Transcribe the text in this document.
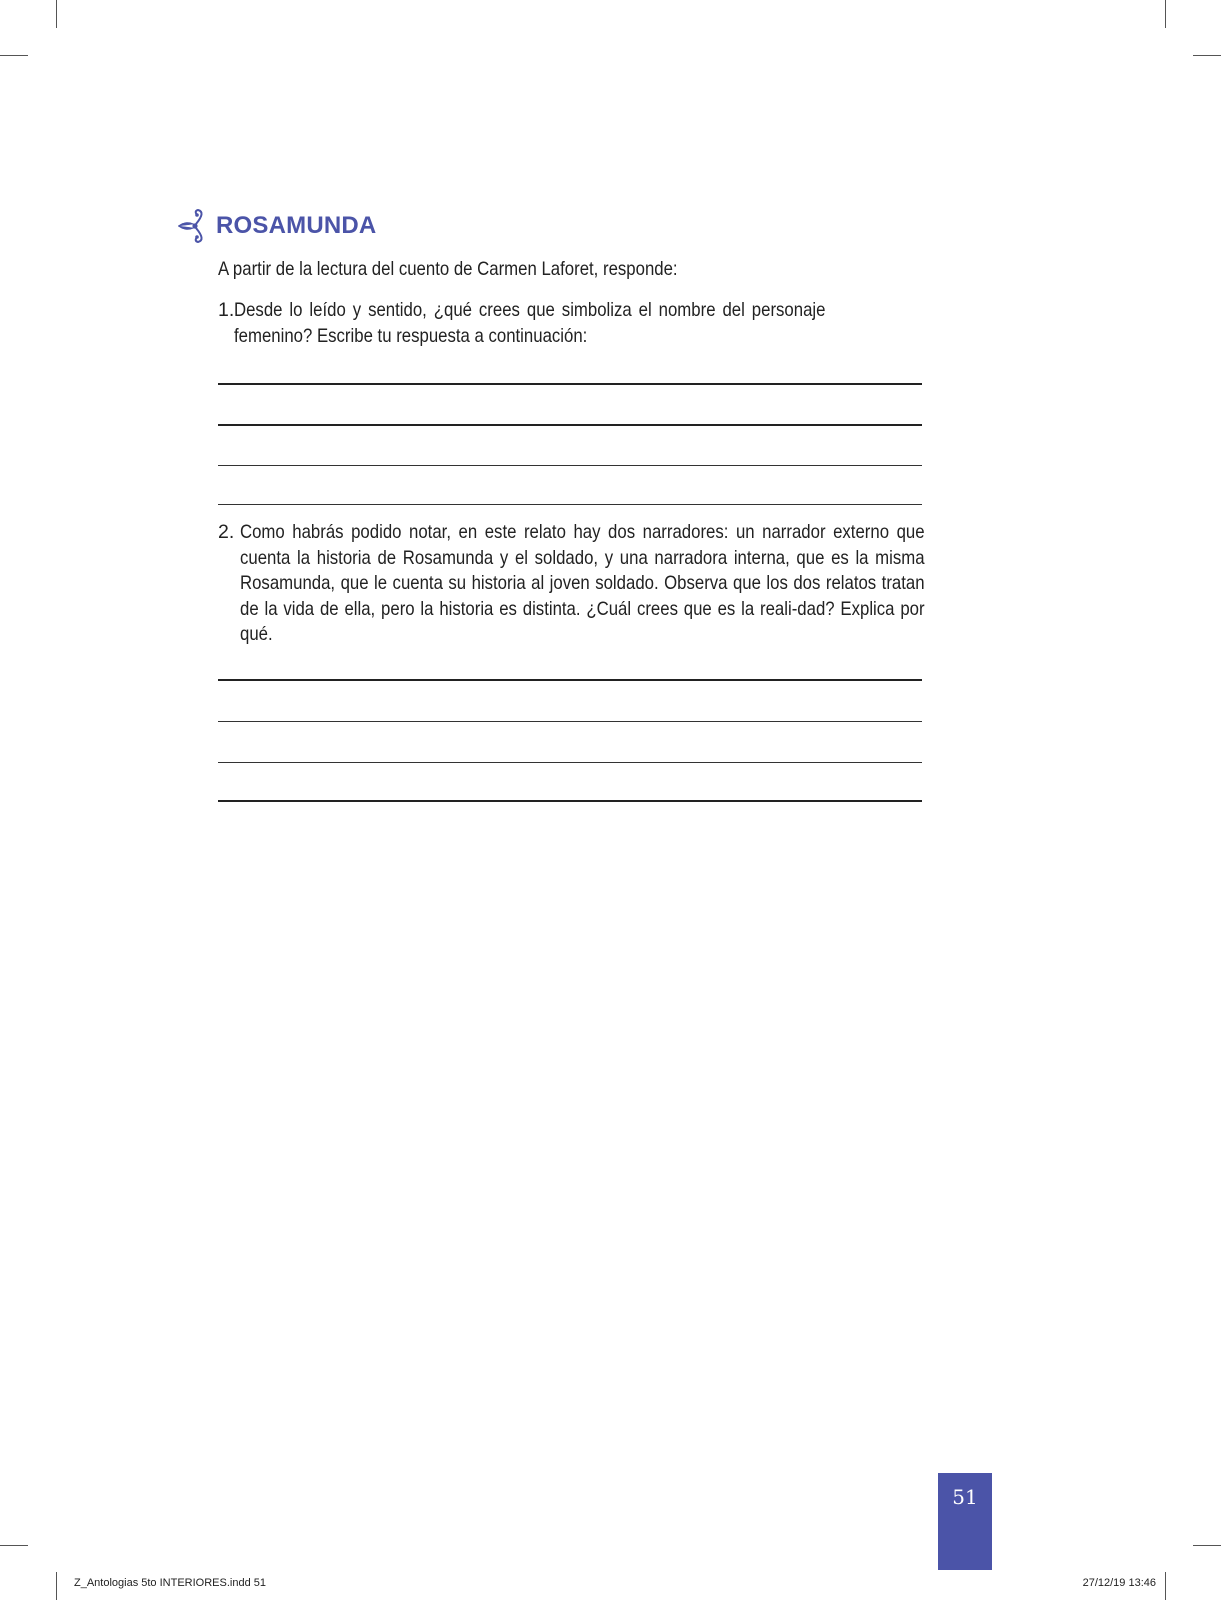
ROSAMUNDA
A partir de la lectura del cuento de Carmen Laforet, responde:
1. Desde lo leído y sentido, ¿qué crees que simboliza el nombre del personaje femenino? Escribe tu respuesta a continuación:
2. Como habrás podido notar, en este relato hay dos narradores: un narrador externo que cuenta la historia de Rosamunda y el soldado, y una narradora interna, que es la misma Rosamunda, que le cuenta su historia al joven soldado. Observa que los dos relatos tratan de la vida de ella, pero la historia es distinta. ¿Cuál crees que es la reali-dad? Explica por qué.
51
Z_Antologias 5to INTERIORES.indd 51	27/12/19 13:46
